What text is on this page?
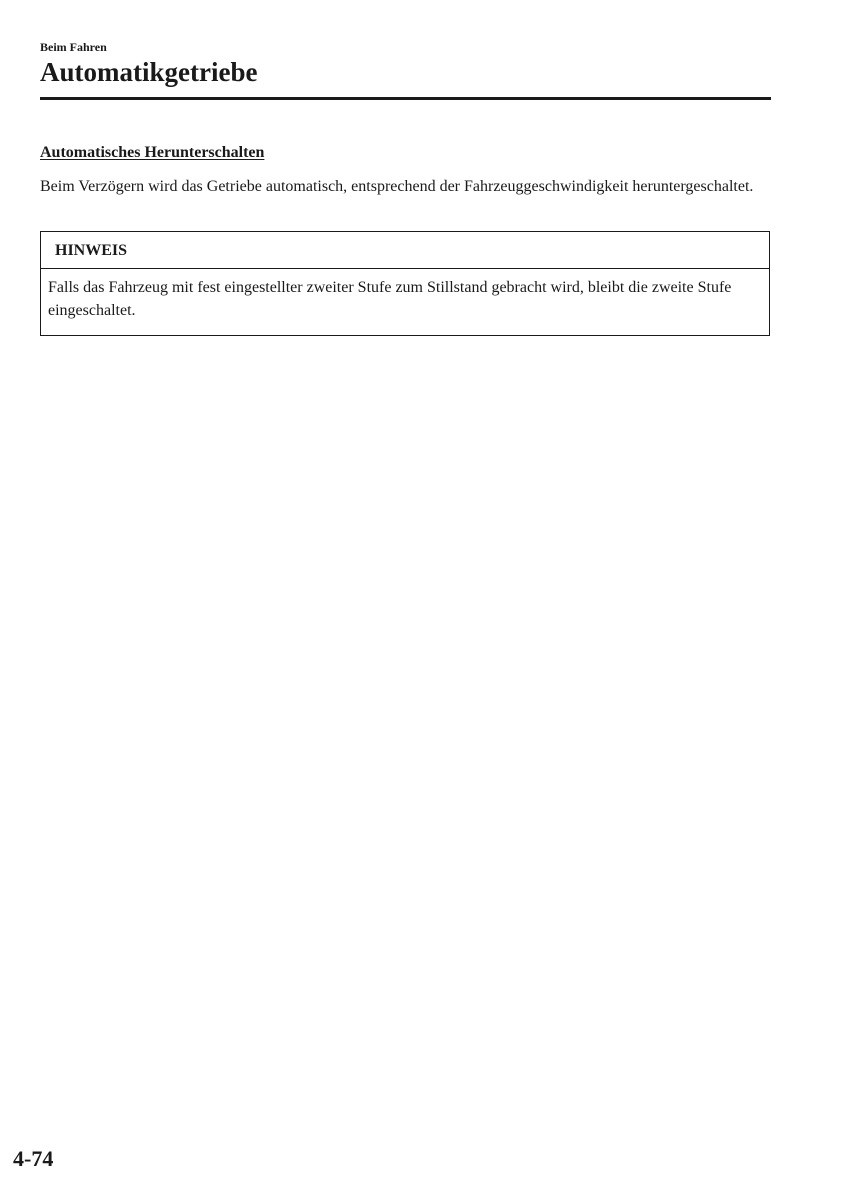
Beim Fahren
Automatikgetriebe
Automatisches Herunterschalten

Beim Verzögern wird das Getriebe automatisch, entsprechend der Fahrzeuggeschwindigkeit heruntergeschaltet.

HINWEIS

Falls das Fahrzeug mit fest eingestellter zweiter Stufe zum Stillstand gebracht wird, bleibt die zweite Stufe eingeschaltet.

4-74
